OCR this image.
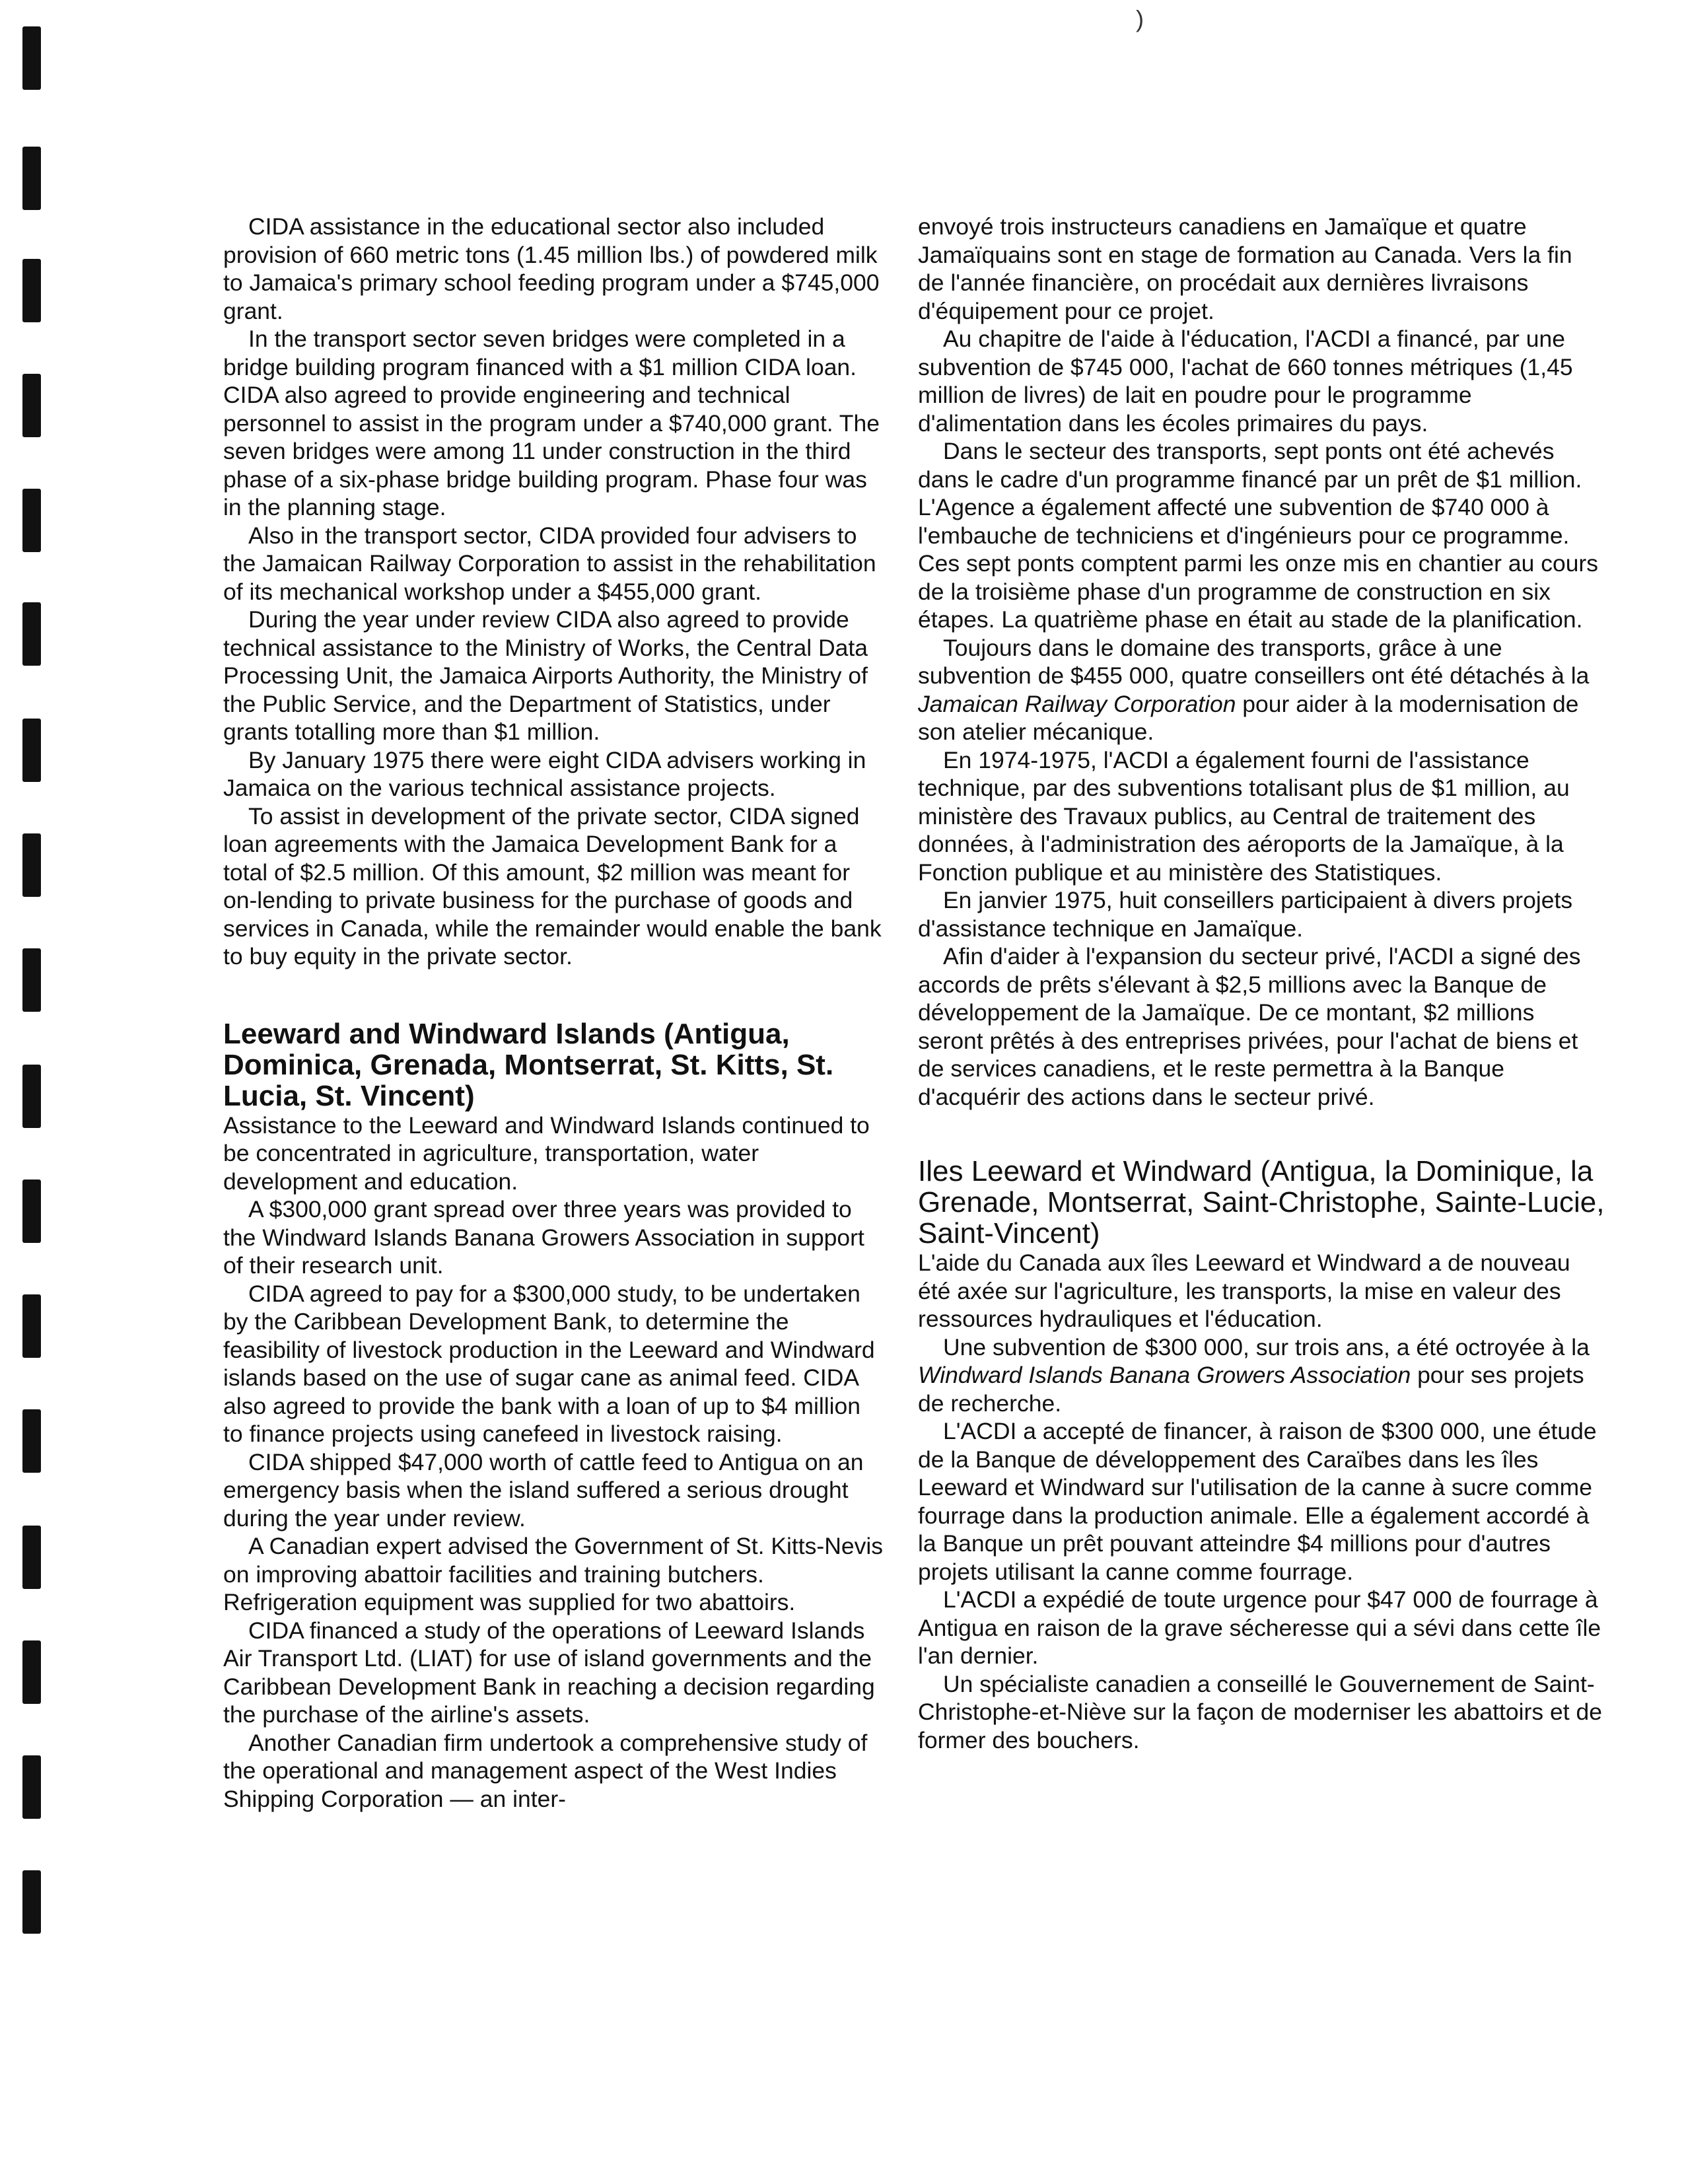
)

CIDA assistance in the educational sector also included provision of 660 metric tons (1.45 million lbs.) of powdered milk to Jamaica's primary school feeding program under a $745,000 grant.

In the transport sector seven bridges were completed in a bridge building program financed with a $1 million CIDA loan. CIDA also agreed to provide engineering and technical personnel to assist in the program under a $740,000 grant. The seven bridges were among 11 under construction in the third phase of a six-phase bridge building program. Phase four was in the planning stage.

Also in the transport sector, CIDA provided four advisers to the Jamaican Railway Corporation to assist in the rehabilitation of its mechanical workshop under a $455,000 grant.

During the year under review CIDA also agreed to provide technical assistance to the Ministry of Works, the Central Data Processing Unit, the Jamaica Airports Authority, the Ministry of the Public Service, and the Department of Statistics, under grants totalling more than $1 million.

By January 1975 there were eight CIDA advisers working in Jamaica on the various technical assistance projects.

To assist in development of the private sector, CIDA signed loan agreements with the Jamaica Development Bank for a total of $2.5 million. Of this amount, $2 million was meant for on-lending to private business for the purchase of goods and services in Canada, while the remainder would enable the bank to buy equity in the private sector.

Leeward and Windward Islands (Antigua, Dominica, Grenada, Montserrat, St. Kitts, St. Lucia, St. Vincent)

Assistance to the Leeward and Windward Islands continued to be concentrated in agriculture, transportation, water development and education.

A $300,000 grant spread over three years was provided to the Windward Islands Banana Growers Association in support of their research unit.

CIDA agreed to pay for a $300,000 study, to be undertaken by the Caribbean Development Bank, to determine the feasibility of livestock production in the Leeward and Windward islands based on the use of sugar cane as animal feed. CIDA also agreed to provide the bank with a loan of up to $4 million to finance projects using canefeed in livestock raising.

CIDA shipped $47,000 worth of cattle feed to Antigua on an emergency basis when the island suffered a serious drought during the year under review.

A Canadian expert advised the Government of St. Kitts-Nevis on improving abattoir facilities and training butchers. Refrigeration equipment was supplied for two abattoirs.

CIDA financed a study of the operations of Leeward Islands Air Transport Ltd. (LIAT) for use of island governments and the Caribbean Development Bank in reaching a decision regarding the purchase of the airline's assets.

Another Canadian firm undertook a comprehensive study of the operational and management aspect of the West Indies Shipping Corporation — an inter-

envoyé trois instructeurs canadiens en Jamaïque et quatre Jamaïquains sont en stage de formation au Canada. Vers la fin de l'année financière, on procédait aux dernières livraisons d'équipement pour ce projet.

Au chapitre de l'aide à l'éducation, l'ACDI a financé, par une subvention de $745 000, l'achat de 660 tonnes métriques (1,45 million de livres) de lait en poudre pour le programme d'alimentation dans les écoles primaires du pays.

Dans le secteur des transports, sept ponts ont été achevés dans le cadre d'un programme financé par un prêt de $1 million. L'Agence a également affecté une subvention de $740 000 à l'embauche de techniciens et d'ingénieurs pour ce programme. Ces sept ponts comptent parmi les onze mis en chantier au cours de la troisième phase d'un programme de construction en six étapes. La quatrième phase en était au stade de la planification.

Toujours dans le domaine des transports, grâce à une subvention de $455 000, quatre conseillers ont été détachés à la Jamaican Railway Corporation pour aider à la modernisation de son atelier mécanique.

En 1974-1975, l'ACDI a également fourni de l'assistance technique, par des subventions totalisant plus de $1 million, au ministère des Travaux publics, au Central de traitement des données, à l'administration des aéroports de la Jamaïque, à la Fonction publique et au ministère des Statistiques.

En janvier 1975, huit conseillers participaient à divers projets d'assistance technique en Jamaïque.

Afin d'aider à l'expansion du secteur privé, l'ACDI a signé des accords de prêts s'élevant à $2,5 millions avec la Banque de développement de la Jamaïque. De ce montant, $2 millions seront prêtés à des entreprises privées, pour l'achat de biens et de services canadiens, et le reste permettra à la Banque d'acquérir des actions dans le secteur privé.

Iles Leeward et Windward (Antigua, la Dominique, la Grenade, Montserrat, Saint-Christophe, Sainte-Lucie, Saint-Vincent)

L'aide du Canada aux îles Leeward et Windward a de nouveau été axée sur l'agriculture, les transports, la mise en valeur des ressources hydrauliques et l'éducation.

Une subvention de $300 000, sur trois ans, a été octroyée à la Windward Islands Banana Growers Association pour ses projets de recherche.

L'ACDI a accepté de financer, à raison de $300 000, une étude de la Banque de développement des Caraïbes dans les îles Leeward et Windward sur l'utilisation de la canne à sucre comme fourrage dans la production animale. Elle a également accordé à la Banque un prêt pouvant atteindre $4 millions pour d'autres projets utilisant la canne comme fourrage.

L'ACDI a expédié de toute urgence pour $47 000 de fourrage à Antigua en raison de la grave sécheresse qui a sévi dans cette île l'an dernier.

Un spécialiste canadien a conseillé le Gouvernement de Saint-Christophe-et-Niève sur la façon de moderniser les abattoirs et de former des bouchers.
